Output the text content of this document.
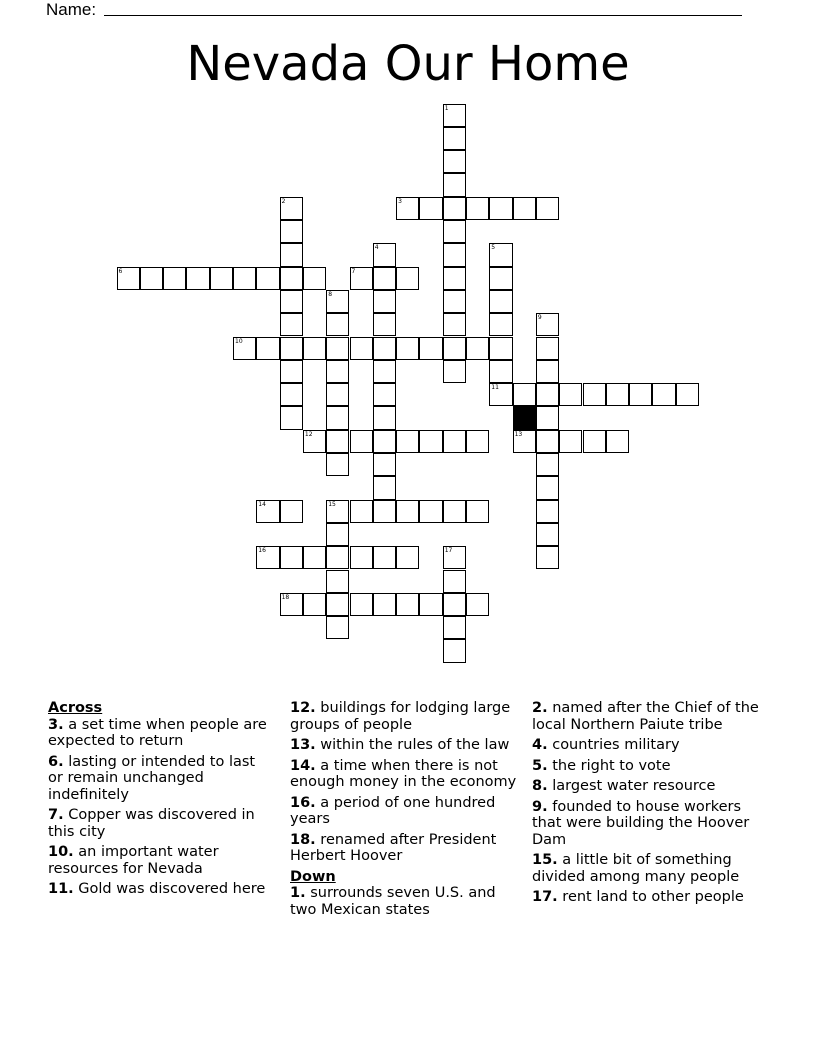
Name:
Nevada Our Home
1
2	3
4	5
6	7
8
9
10
11
12	13
14	15
16	17
18
Across
3. a set time when people are expected to return
6. lasting or intended to last or remain unchanged indefinitely
7. Copper was discovered in this city
10. an important water resources for Nevada
11. Gold was discovered here
12. buildings for lodging large groups of people
13. within the rules of the law
14. a time when there is not enough money in the economy
16. a period of one hundred years
18. renamed after President Herbert Hoover
Down
1. surrounds seven U.S. and two Mexican states
2. named after the Chief of the local Northern Paiute tribe
4. countries military
5. the right to vote
8. largest water resource
9. founded to house workers that were building the Hoover Dam
15. a little bit of something divided among many people
17. rent land to other people
